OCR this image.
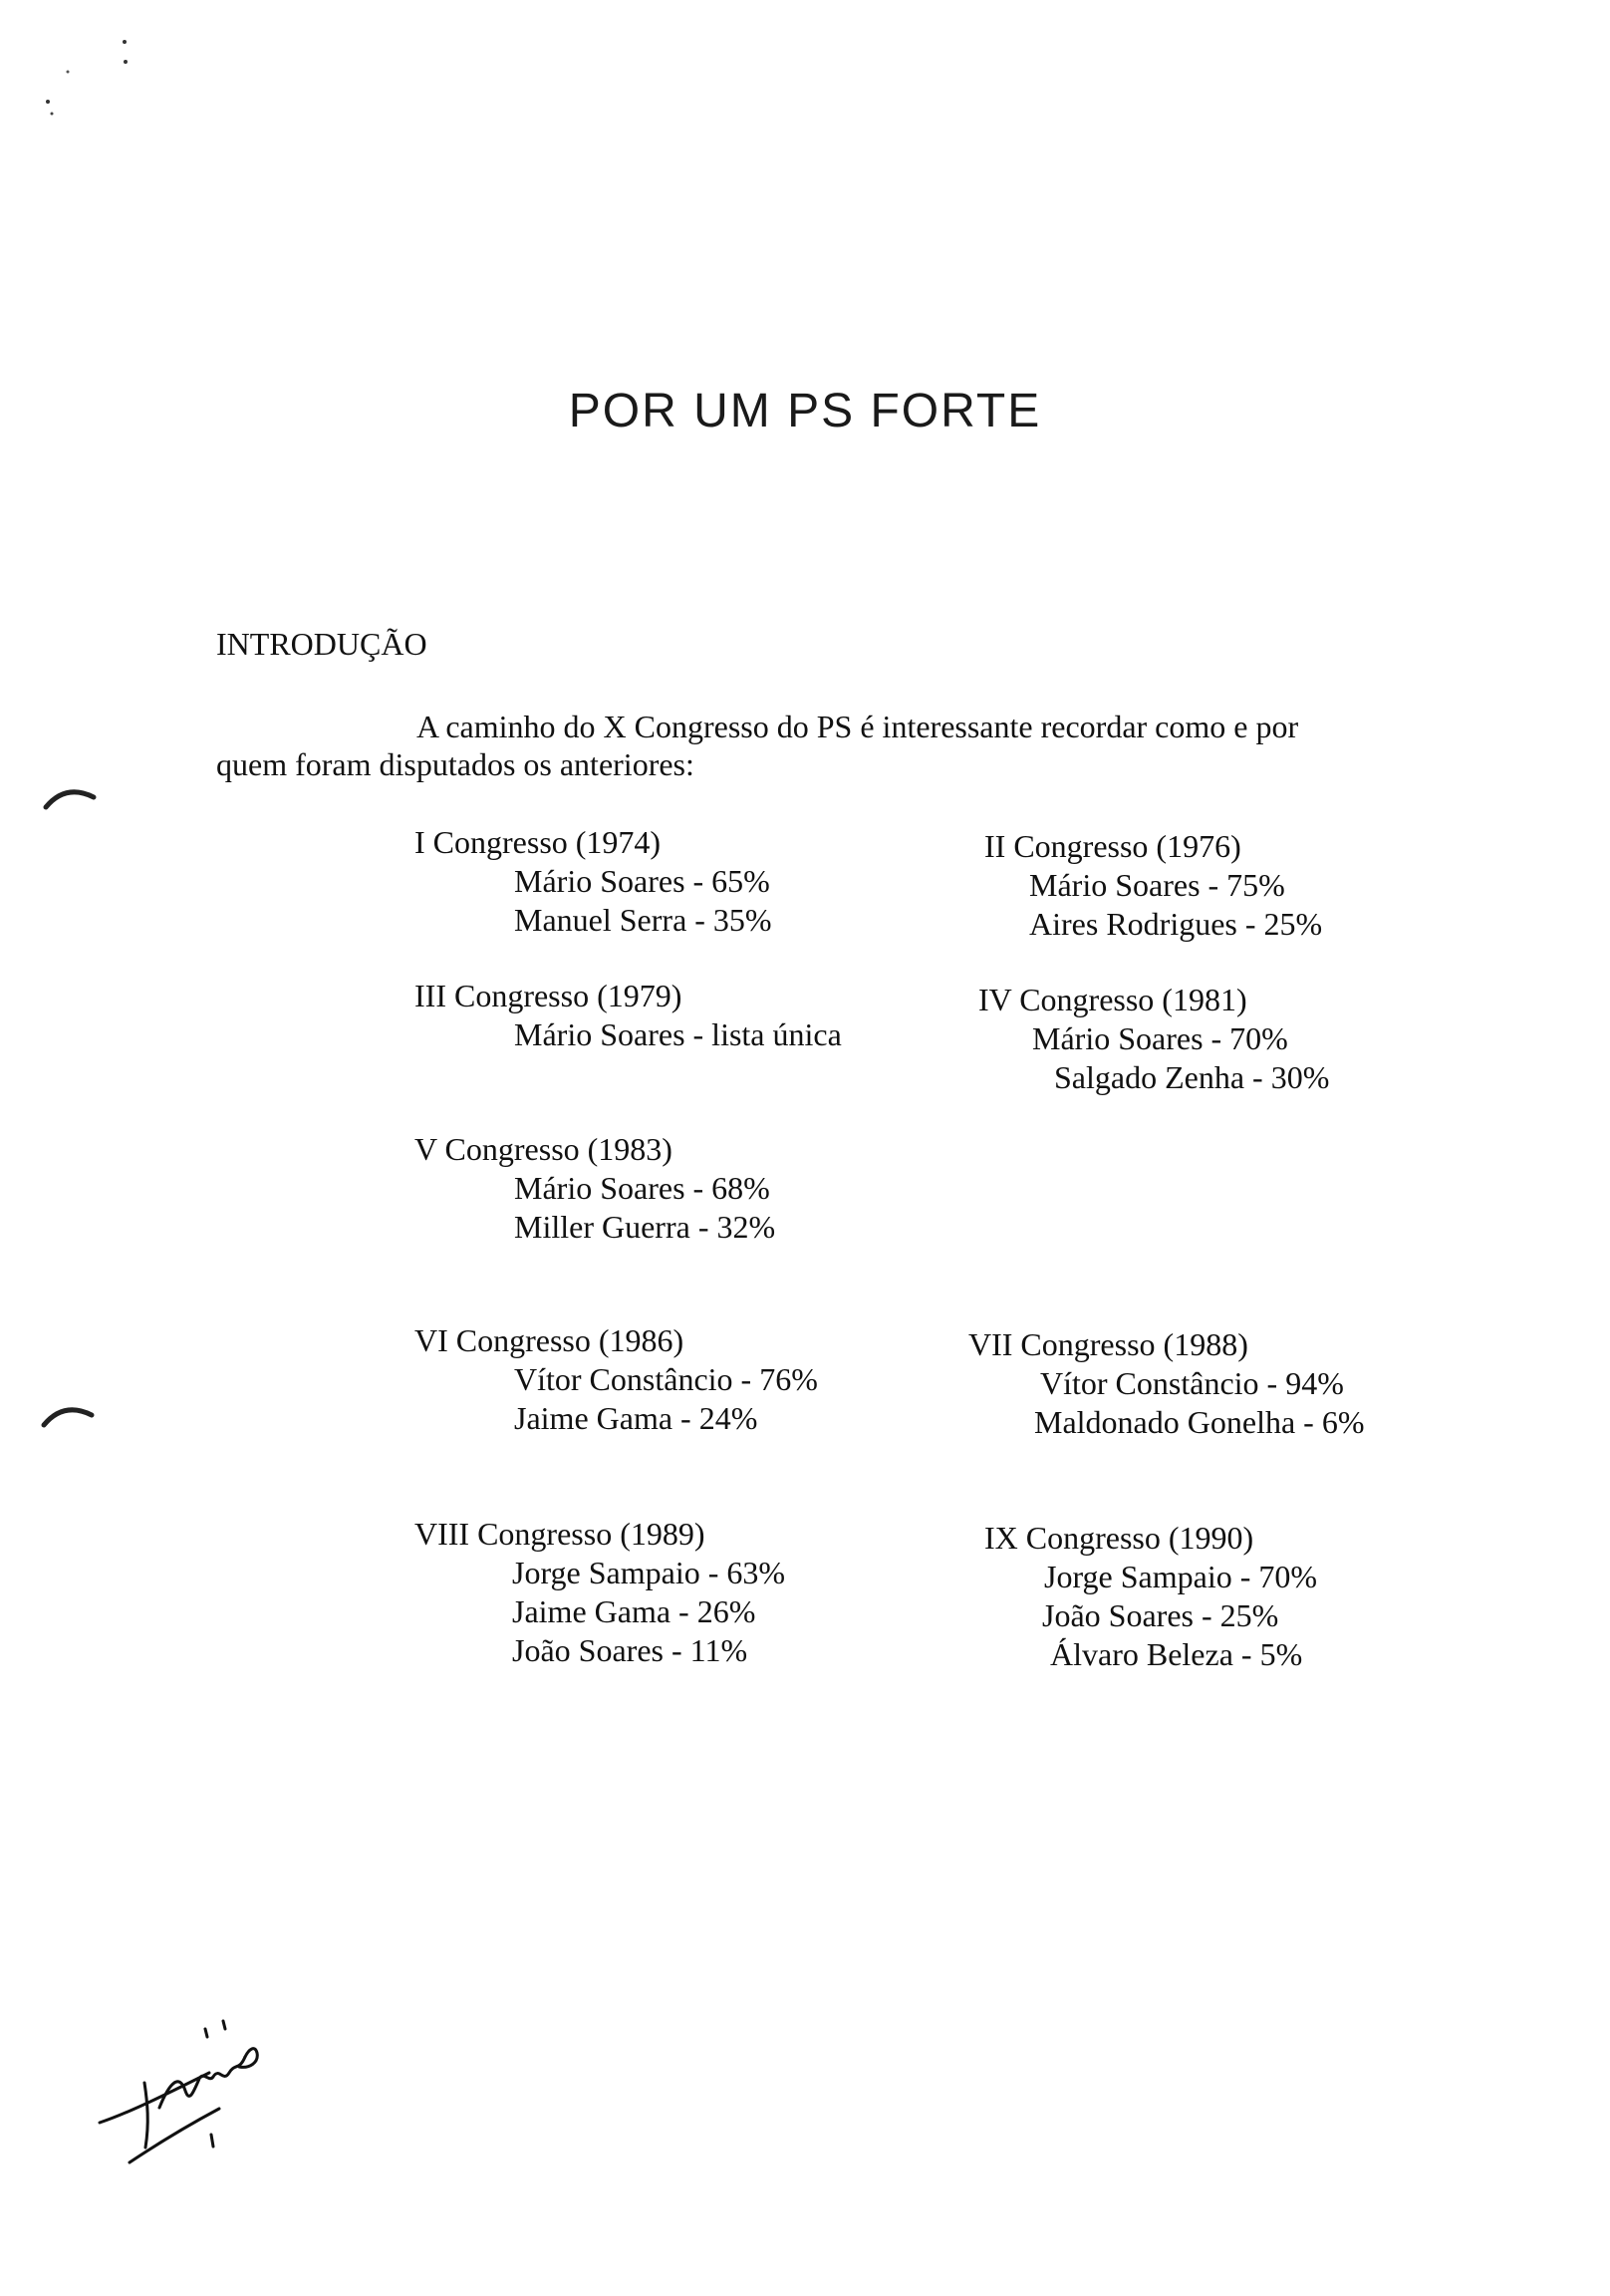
POR UM PS FORTE
INTRODUÇÃO
A caminho do X Congresso do PS é interessante recordar como e por
quem foram disputados os anteriores:
I Congresso (1974)
Mário Soares - 65%
Manuel Serra - 35%
II Congresso (1976)
Mário Soares - 75%
Aires Rodrigues - 25%
III Congresso (1979)
Mário Soares - lista única
IV Congresso (1981)
Mário Soares - 70%
Salgado Zenha - 30%
V Congresso (1983)
Mário Soares - 68%
Miller Guerra - 32%
VI Congresso (1986)
Vítor Constâncio - 76%
Jaime Gama - 24%
VII Congresso (1988)
Vítor Constâncio - 94%
Maldonado Gonelha - 6%
VIII Congresso (1989)
Jorge Sampaio - 63%
Jaime Gama - 26%
João Soares - 11%
IX Congresso (1990)
Jorge Sampaio - 70%
João Soares - 25%
Álvaro Beleza - 5%
